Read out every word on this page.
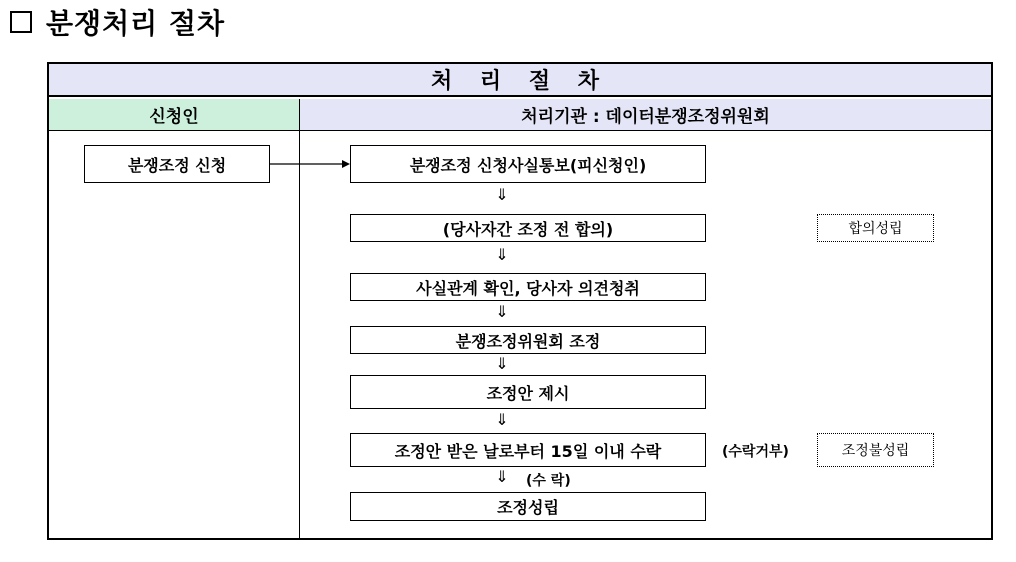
분쟁처리 절차
처 리 절 차
신청인	처리기관 : 데이터분쟁조정위원회
분쟁조정 신청	분쟁조정 신청사실통보(피신청인)
⇓
(당사자간 조정 전 합의)
⇓
사실관계 확인, 당사자 의견청취
⇓
분쟁조정위원회 조정
⇓
조정안 제시
⇓
조정안 받은 날로부터 15일 이내 수락
⇓ (수 락)
조정성립
합의성립
(수락거부)	조정불성립
